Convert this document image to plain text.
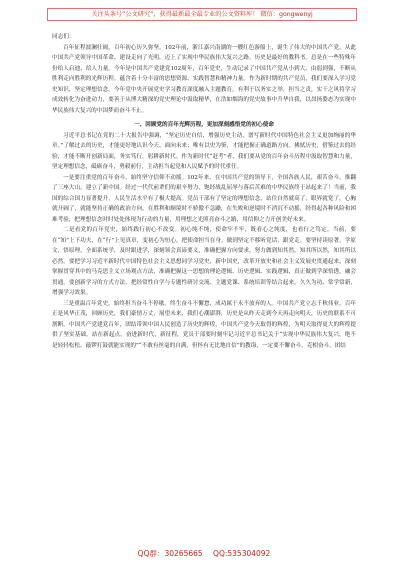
关注头条号“公文研究”，获得最新最全最专业的公文资料库！ 微信：gongwenyj

同志们：

百年征程波澜壮阔，百年初心历久弥坚。102年前，浙江嘉兴南湖的一艘红色游船上，诞生了伟大的中国共产党。从此中国共产党领导中国革命、建设走向了光明，迈上了实现中华民族伟大复兴之路。历史是最好的教科书。总是在一些特殊年份给人启迪、给人力量。今年是中国共产党建党102周年，百年党史，生动记录了中国共产党从小到大、由弱到强，不断从胜利走向胜利的光辉历程。蕴含着十分丰富的思想资源、实践智慧和精神力量。作为新时期的共产党员，我们要深入学习党史知识，坚定理想信念。今年党中央开展党史学习教育深度融入主题教育，有利于以务实之举，担当之责，实干之风将学习成效转化为奋进动力，要善于从博大精深的党史理论中汲取精华，在浩如烟海的党史故事中升华自我，以昂扬姿态为实现中华民族伟大复兴的中国梦而奋斗不止。

一、回顾党的百年光辉历程，更加深刻感悟党的初心使命

习近平总书记在党的二十大报告中强调，“坚定历史自信，增强历史主动，谱写新时代中国特色社会主义更加绚丽的华章。”了解过去的历史，才能更好地认识今天、面向未来；唯有以史为鉴，才能把握正确道路方向。拂拭历史，借鉴过去的经验，才能不断开创新局面，务实笃行，躬耕新时代。作为新时代“赶考”者，我们要从党的百年奋斗历程中汲取智慧和力量，坚定理想信念，砥砺奋斗，勇毅前行，主动担当起党和人民赋予的时代重任。

一是要注重党的百年奋斗，始终坚守信仰不动摇。102年来，在中国共产党的领导下，全国各族人民，艰苦奋斗，推翻了三座大山，建立了新中国。经过一代代前辈们的艰辛努力，饱经战乱屈辱与落后苦难的中华民族终于站起来了！当前，我国的综合国力显著提升，人民生活水平有了极大提高。党员干部有了坚定的理想信念，站住自然就高了，眼界就宽了，心胸就开阔了，就能坚持正确的政治方向，在胜利和顺境时不骄傲不急躁，在失败和逆境时不消沉不动摇，经得起各种风险和困难考验，把理想信念时时处处体现为行动的力量，用理想之光照亮奋斗之路，用信仰之力开创美好未来。

二是看党的百年党史，始终践行初心不改变。初心纯不纯，使命牢不牢，既看心之纯度，也看行之笃定。当前，要在“知”上下功夫，在“行”上见真章，变初心为恒心，把使命担当在身，做到坚定不移听党话，跟党走。要坚持读原著，学原文，悟原理，全面系统学，及时跟进学，深刻领会真谛要义，准确把握方向要求，努力做到知其然，知其所以然，知其所以必然。要把学习习近平新时代中国特色社会主义思想同学习党史，新中国史，改革开放史和社会主义发展史贯通起来，深刻掌握贯穿其中的马克思主义立场观点方法，准确把握这一思想的理论逻辑、历史逻辑、实践逻辑，真正做到学深悟透，融会贯通。要创新学习的方式方法，把经常性自学与专题性研讨交流、主题党课、系统培训等结合起来，久久为功、常学常新，增强学习效果。

三是重温百年党史，始终担当奋斗不停歇。终生奋斗不懈怠，成功属于永不放弃的人。中国共产党立志千秋伟业，百年正是风华正茂，回顾历史，我们豪情万丈，展望未来，我们心潮澎湃，历史是从昨天走到今天再走向明天，历史的联系不可割断。中国共产党建党百年，团结带领中国人民创造了历史的辉煌，中国共产党今天取得的辉煌，为明天取得更大的辉煌提供了坚实基础。站在新起点，奋进新时代，新征程，党员干部要时刻牢记习近平总书记关于“实现中华民族伟大复兴，绝不是轻轻松松、敲锣打鼓就能实现的”“不敢有丝毫的自满，但怀有无比地自信”的教诲，一定要不懈奋斗，克相奋斗，团结

QQ群：30265665 QQ:535304092
